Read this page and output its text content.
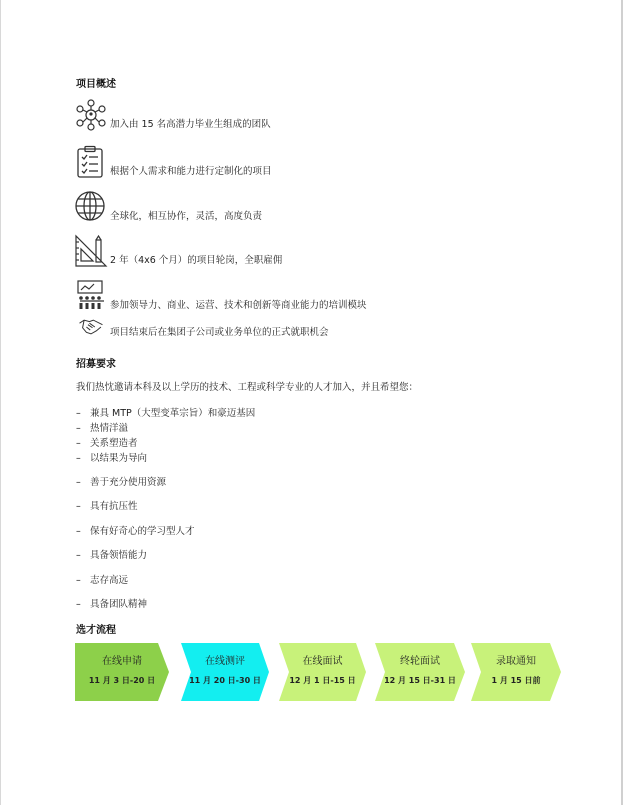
项目概述
加入由 15 名高潜力毕业生组成的团队
根据个人需求和能力进行定制化的项目
全球化，相互协作，灵活，高度负责
2 年（4x6 个月）的项目轮岗，全职雇佣
参加领导力、商业、运营、技术和创新等商业能力的培训模块
项目结束后在集团子公司或业务单位的正式就职机会
招募要求
我们热忱邀请本科及以上学历的技术、工程或科学专业的人才加入，并且希望您：
– 兼具 MTP（大型变革宗旨）和豪迈基因
– 热情洋溢
– 关系塑造者
– 以结果为导向
– 善于充分使用资源
– 具有抗压性
– 保有好奇心的学习型人才
– 具备领悟能力
– 志存高远
– 具备团队精神
选才流程
在线申请
11 月 3 日-20 日
在线测评
11 月 20 日-30 日
在线面试
12 月 1 日-15 日
终轮面试
12 月 15 日-31 日
录取通知
1 月 15 日前
